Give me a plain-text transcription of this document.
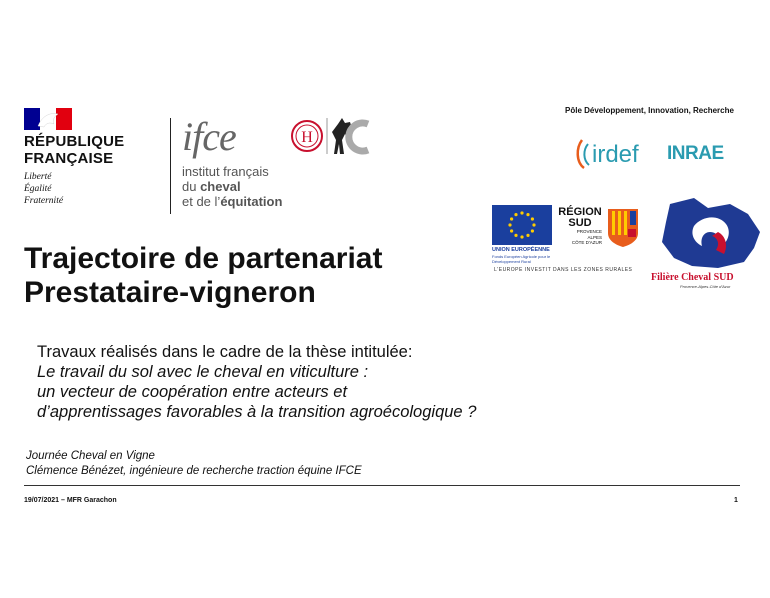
RÉPUBLIQUE
FRANÇAISE
Liberté
Égalité
Fraternité
ifce	H
institut français
du cheval
et de l’équitation
Pôle Développement, Innovation, Recherche
irdef INRAE
UNION EUROPÉENNE
Fonds Européen Agricole pour le Développement Rural
RÉGION
SUD
PROVENCE
ALPES
CÔTE D'AZUR
L'EUROPE INVESTIT DANS LES ZONES RURALES
Filière Cheval SUD
Provence-Alpes-Côte d'Azur
Trajectoire de partenariat
Prestataire-vigneron
Travaux réalisés dans le cadre de la thèse intitulée:
Le travail du sol avec le cheval en viticulture :
un vecteur de coopération entre acteurs et
d’apprentissages favorables à la transition agroécologique ?
Journée Cheval en Vigne
Clémence Bénézet, ingénieure de recherche traction équine IFCE
19/07/2021 – MFR Garachon	1
